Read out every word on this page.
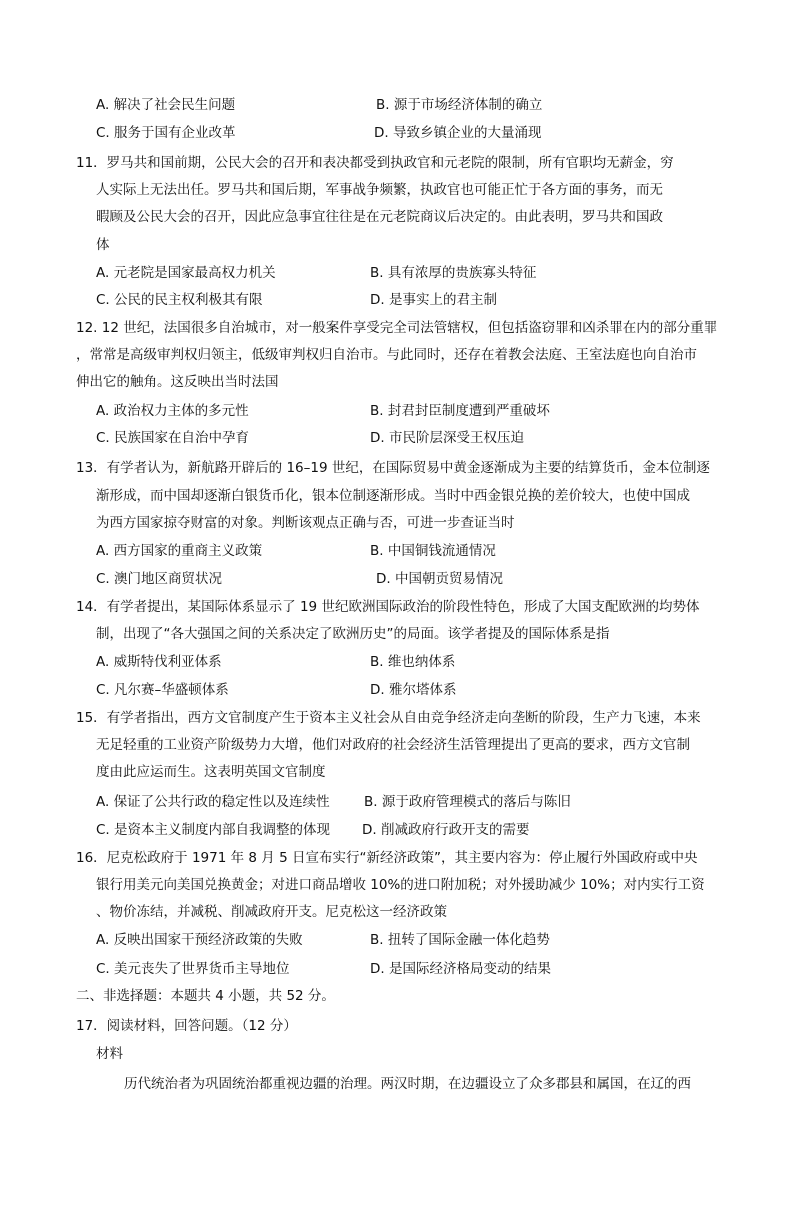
A. 解决了社会民生问题	B. 源于市场经济体制的确立
C. 服务于国有企业改革	D. 导致乡镇企业的大量涌现
11．罗马共和国前期，公民大会的召开和表决都受到执政官和元老院的限制，所有官职均无薪金，穷
人实际上无法出任。罗马共和国后期，军事战争频繁，执政官也可能正忙于各方面的事务，而无
暇顾及公民大会的召开，因此应急事宜往往是在元老院商议后决定的。由此表明，罗马共和国政
体
A. 元老院是国家最高权力机关	B. 具有浓厚的贵族寡头特征
C. 公民的民主权利极其有限	D. 是事实上的君主制
12. 12 世纪，法国很多自治城市，对一般案件享受完全司法管辖权，但包括盗窃罪和凶杀罪在内的部分重罪
，常常是高级审判权归领主，低级审判权归自治市。与此同时，还存在着教会法庭、王室法庭也向自治市
伸出它的触角。这反映出当时法国
A. 政治权力主体的多元性	B. 封君封臣制度遭到严重破坏
C. 民族国家在自治中孕育	D. 市民阶层深受王权压迫
13．有学者认为，新航路开辟后的 16–19 世纪，在国际贸易中黄金逐渐成为主要的结算货币，金本位制逐
渐形成，而中国却逐渐白银货币化，银本位制逐渐形成。当时中西金银兑换的差价较大，也使中国成
为西方国家掠夺财富的对象。判断该观点正确与否，可进一步查证当时
A. 西方国家的重商主义政策	B. 中国铜钱流通情况
C. 澳门地区商贸状况	D. 中国朝贡贸易情况
14．有学者提出，某国际体系显示了 19 世纪欧洲国际政治的阶段性特色，形成了大国支配欧洲的均势体
制，出现了“各大强国之间的关系决定了欧洲历史”的局面。该学者提及的国际体系是指
A. 威斯特伐利亚体系	B. 维也纳体系
C. 凡尔赛–华盛顿体系	D. 雅尔塔体系
15．有学者指出，西方文官制度产生于资本主义社会从自由竞争经济走向垄断的阶段，生产力飞速，本来
无足轻重的工业资产阶级势力大增，他们对政府的社会经济生活管理提出了更高的要求，西方文官制
度由此应运而生。这表明英国文官制度
A. 保证了公共行政的稳定性以及连续性	B. 源于政府管理模式的落后与陈旧
C. 是资本主义制度内部自我调整的体现 D. 削减政府行政开支的需要
16．尼克松政府于 1971 年 8 月 5 日宣布实行“新经济政策”，其主要内容为：停止履行外国政府或中央
银行用美元向美国兑换黄金；对进口商品增收 10%的进口附加税；对外援助减少 10%；对内实行工资
、物价冻结，并减税、削减政府开支。尼克松这一经济政策
A. 反映出国家干预经济政策的失败	B. 扭转了国际金融一体化趋势
C. 美元丧失了世界货币主导地位	D. 是国际经济格局变动的结果
二、非选择题：本题共 4 小题，共 52 分。
17．阅读材料，回答问题。（12 分）
材料
历代统治者为巩固统治都重视边疆的治理。两汉时期，在边疆设立了众多郡县和属国，在辽的西
